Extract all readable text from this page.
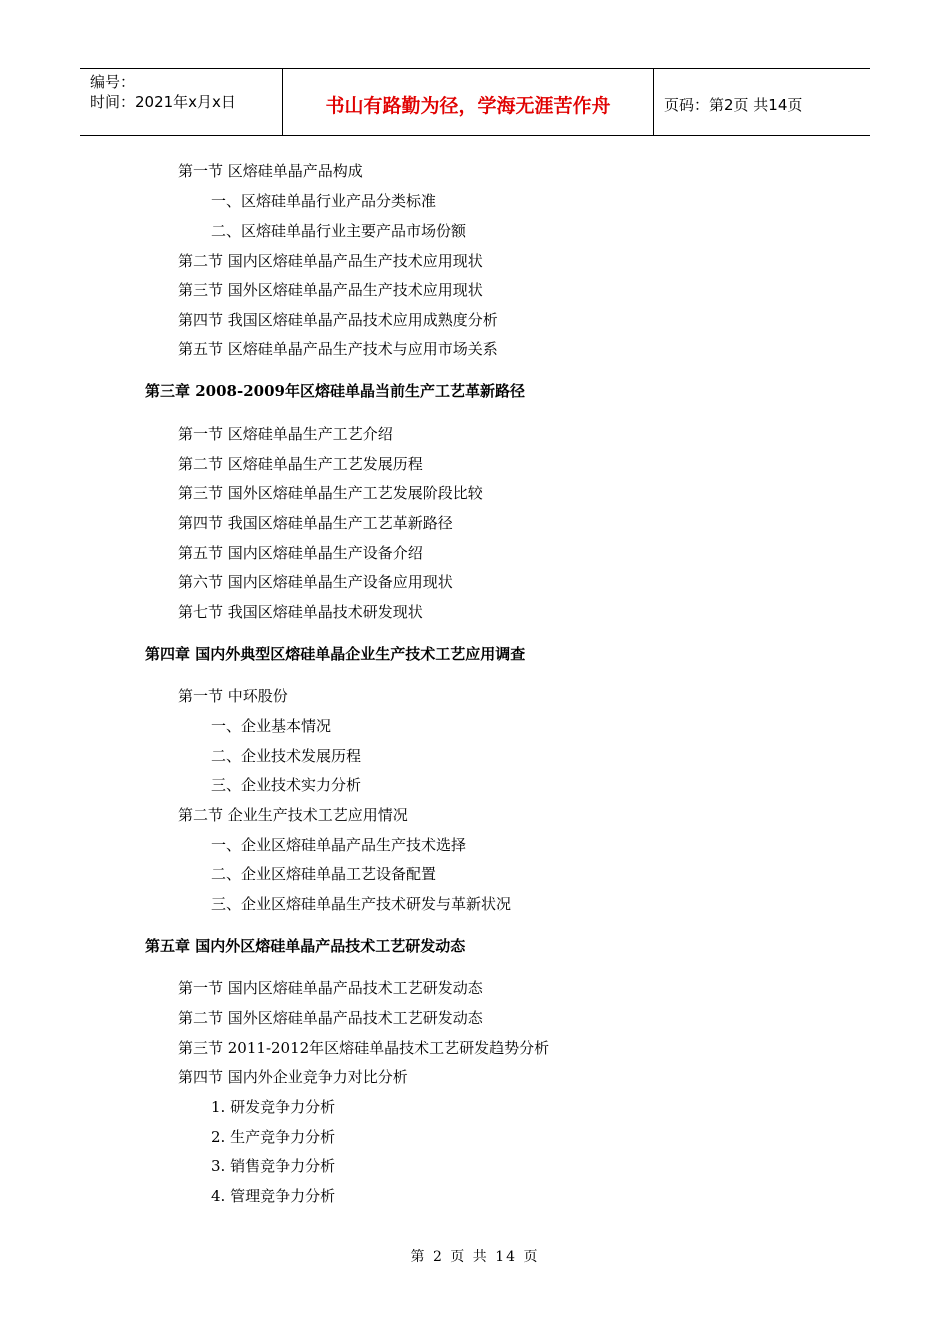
编号：
时间：2021年x月x日	书山有路勤为径，学海无涯苦作舟	页码：第2页 共14页
第一节 区熔硅单晶产品构成
一、区熔硅单晶行业产品分类标准
二、区熔硅单晶行业主要产品市场份额
第二节 国内区熔硅单晶产品生产技术应用现状
第三节 国外区熔硅单晶产品生产技术应用现状
第四节 我国区熔硅单晶产品技术应用成熟度分析
第五节 区熔硅单晶产品生产技术与应用市场关系
第三章 2008-2009年区熔硅单晶当前生产工艺革新路径
第一节 区熔硅单晶生产工艺介绍
第二节 区熔硅单晶生产工艺发展历程
第三节 国外区熔硅单晶生产工艺发展阶段比较
第四节 我国区熔硅单晶生产工艺革新路径
第五节 国内区熔硅单晶生产设备介绍
第六节 国内区熔硅单晶生产设备应用现状
第七节 我国区熔硅单晶技术研发现状
第四章 国内外典型区熔硅单晶企业生产技术工艺应用调查
第一节 中环股份
一、企业基本情况
二、企业技术发展历程
三、企业技术实力分析
第二节 企业生产技术工艺应用情况
一、企业区熔硅单晶产品生产技术选择
二、企业区熔硅单晶工艺设备配置
三、企业区熔硅单晶生产技术研发与革新状况
第五章 国内外区熔硅单晶产品技术工艺研发动态
第一节 国内区熔硅单晶产品技术工艺研发动态
第二节 国外区熔硅单晶产品技术工艺研发动态
第三节 2011-2012年区熔硅单晶技术工艺研发趋势分析
第四节 国内外企业竞争力对比分析
1. 研发竞争力分析
2. 生产竞争力分析
3. 销售竞争力分析
4. 管理竞争力分析
第 2 页 共 14 页
